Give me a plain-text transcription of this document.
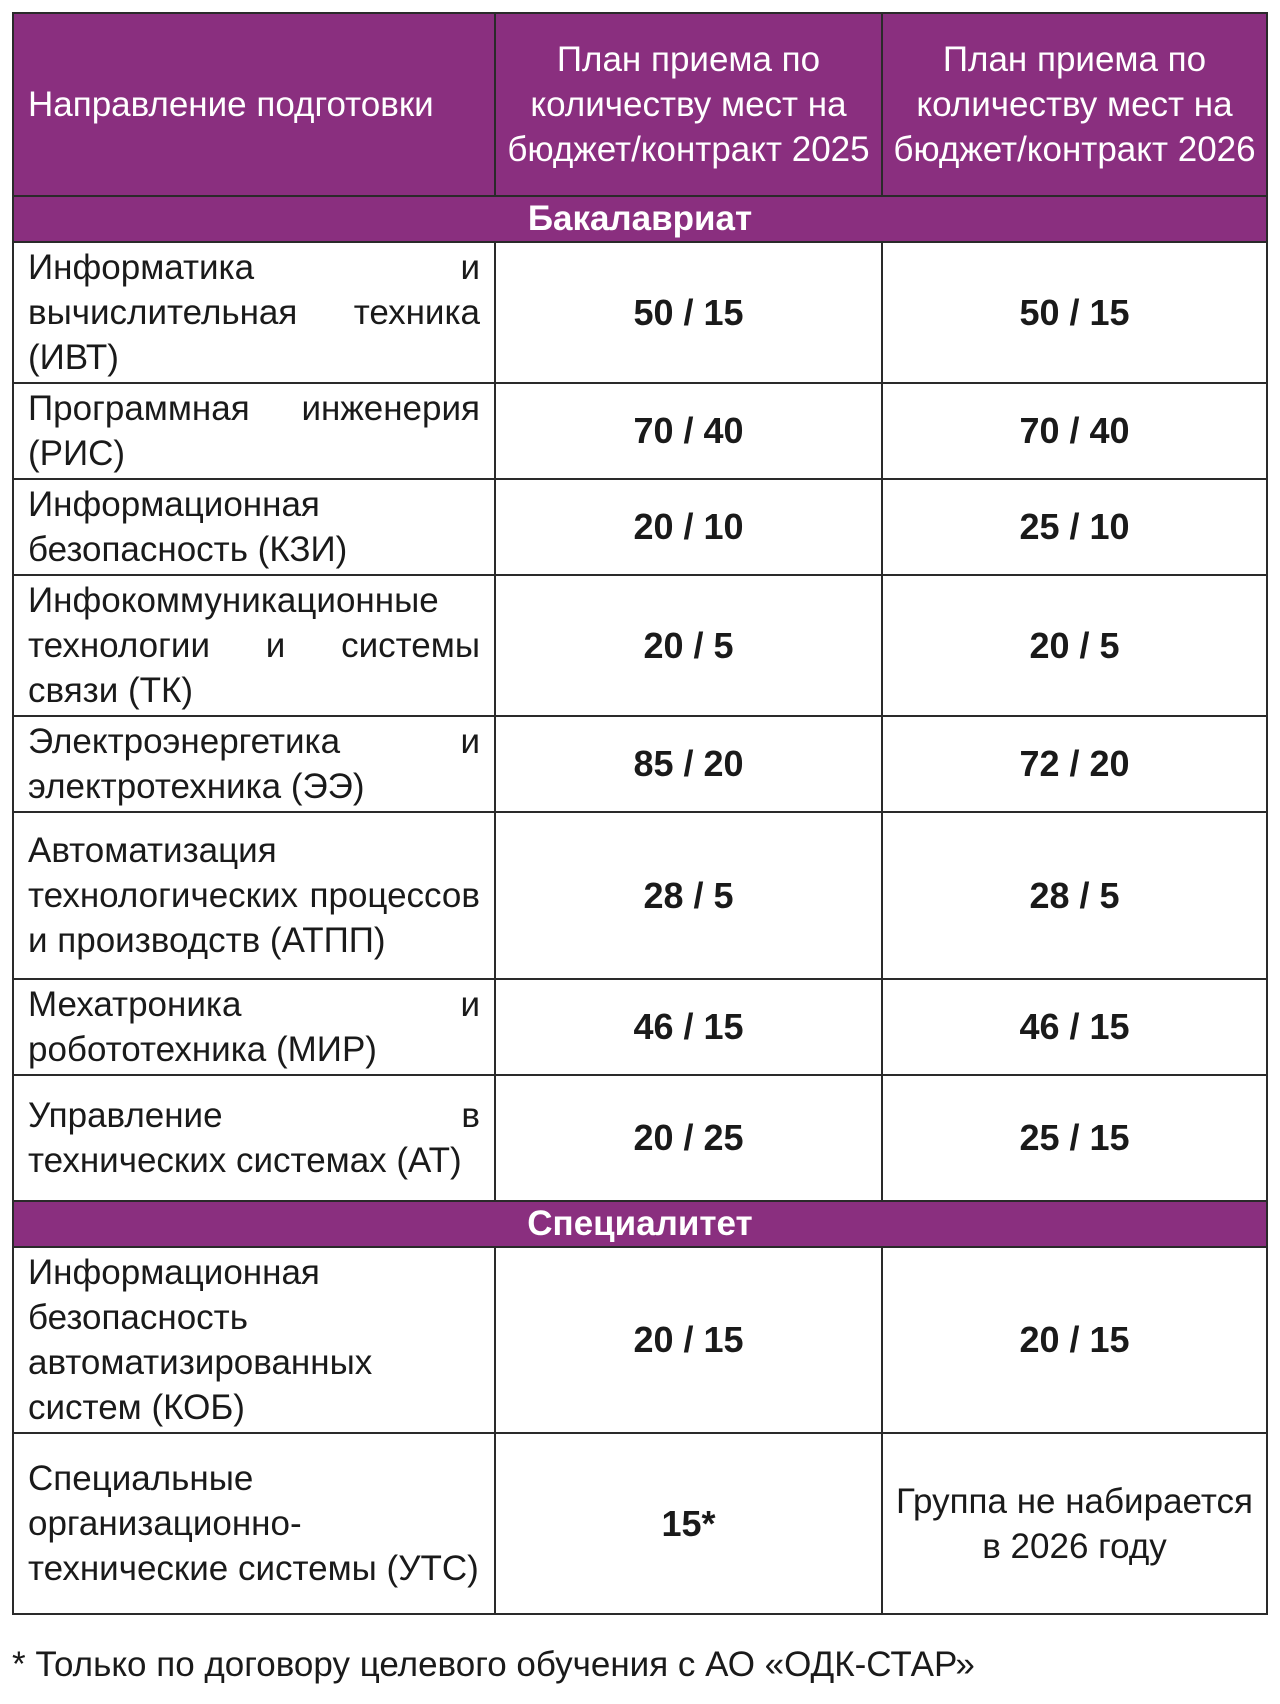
Направление подготовки	План приема по количеству мест на бюджет/контракт 2025	План приема по количеству мест на бюджет/контракт 2026
Бакалавриат		

Информатика и
вычислительная техника (ИВТ)	50 / 15	50 / 15

Программная инженерия
(РИС)	70 / 40	70 / 40

Информационная
безопасность (КЗИ)	20 / 10	25 / 10

Инфокоммуникационные
технологии и системы связи (ТК)	20 / 5	20 / 5

Электроэнергетика и
электротехника (ЭЭ)	85 / 20	72 / 20

Автоматизация
технологических процессов и производств (АТПП)	28 / 5	28 / 5

Мехатроника и
робототехника (МИР)	46 / 15	46 / 15

Управление в
технических системах (АТ)	20 / 25	25 / 15
Специалитет		

Информационная
безопасность автоматизированных систем (КОБ)	20 / 15	20 / 15

Специальные
организационно-технические системы (УТС)	15*	Группа не набирается в 2026 году
* Только по договору целевого обучения с АО «ОДК-СТАР»
